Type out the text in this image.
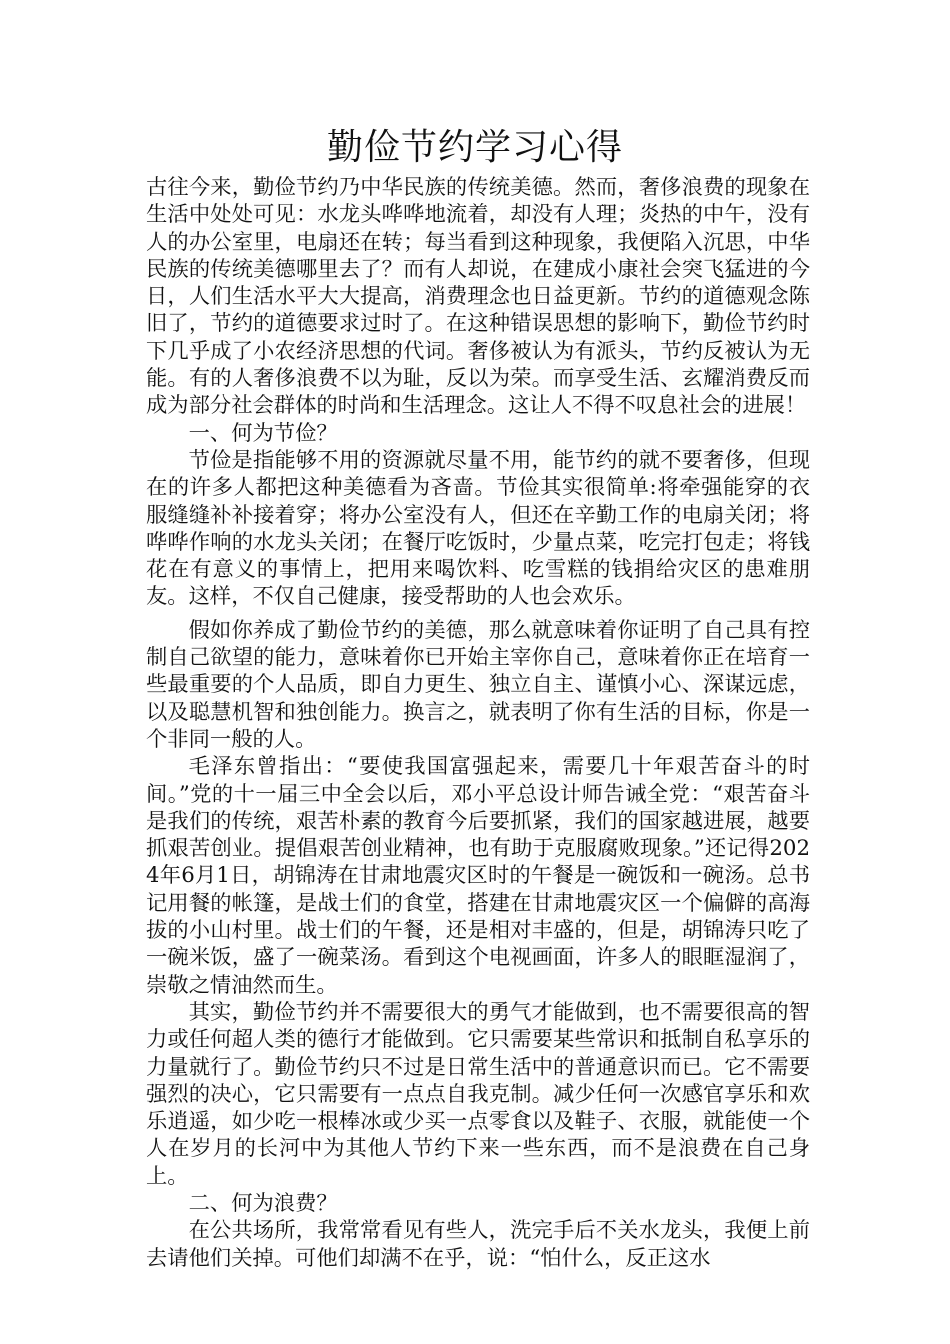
勤俭节约学习心得

古往今来，勤俭节约乃中华民族的传统美德。然而，奢侈浪费的现象在生活中处处可见：水龙头哗哗地流着，却没有人理；炎热的中午，没有人的办公室里，电扇还在转；每当看到这种现象，我便陷入沉思，中华民族的传统美德哪里去了？而有人却说，在建成小康社会突飞猛进的今日，人们生活水平大大提高，消费理念也日益更新。节约的道德观念陈旧了，节约的道德要求过时了。在这种错误思想的影响下，勤俭节约时下几乎成了小农经济思想的代词。奢侈被认为有派头，节约反被认为无能。有的人奢侈浪费不以为耻，反以为荣。而享受生活、玄耀消费反而成为部分社会群体的时尚和生活理念。这让人不得不叹息社会的进展！

一、何为节俭？

节俭是指能够不用的资源就尽量不用，能节约的就不要奢侈，但现在的许多人都把这种美德看为吝啬。节俭其实很简单:将牵强能穿的衣服缝缝补补接着穿；将办公室没有人，但还在辛勤工作的电扇关闭；将哗哗作响的水龙头关闭；在餐厅吃饭时，少量点菜，吃完打包走；将钱花在有意义的事情上，把用来喝饮料、吃雪糕的钱捐给灾区的患难朋友。这样，不仅自己健康，接受帮助的人也会欢乐。

假如你养成了勤俭节约的美德，那么就意味着你证明了自己具有控制自己欲望的能力，意味着你已开始主宰你自己，意味着你正在培育一些最重要的个人品质，即自力更生、独立自主、谨慎小心、深谋远虑，以及聪慧机智和独创能力。换言之，就表明了你有生活的目标，你是一个非同一般的人。

毛泽东曾指出：“要使我国富强起来，需要几十年艰苦奋斗的时间。”党的十一届三中全会以后，邓小平总设计师告诫全党：“艰苦奋斗是我们的传统，艰苦朴素的教育今后要抓紧，我们的国家越进展，越要抓艰苦创业。提倡艰苦创业精神，也有助于克服腐败现象。”还记得2024年6月1日，胡锦涛在甘肃地震灾区时的午餐是一碗饭和一碗汤。总书记用餐的帐篷，是战士们的食堂，搭建在甘肃地震灾区一个偏僻的高海拔的小山村里。战士们的午餐，还是相对丰盛的，但是，胡锦涛只吃了一碗米饭，盛了一碗菜汤。看到这个电视画面，许多人的眼眶湿润了，崇敬之情油然而生。

其实，勤俭节约并不需要很大的勇气才能做到，也不需要很高的智力或任何超人类的德行才能做到。它只需要某些常识和抵制自私享乐的力量就行了。勤俭节约只不过是日常生活中的普通意识而已。它不需要强烈的决心，它只需要有一点点自我克制。减少任何一次感官享乐和欢乐逍遥，如少吃一根棒冰或少买一点零食以及鞋子、衣服，就能使一个人在岁月的长河中为其他人节约下来一些东西，而不是浪费在自己身上。

二、何为浪费？

在公共场所，我常常看见有些人，洗完手后不关水龙头，我便上前去请他们关掉。可他们却满不在乎，说：“怕什么，反正这水
